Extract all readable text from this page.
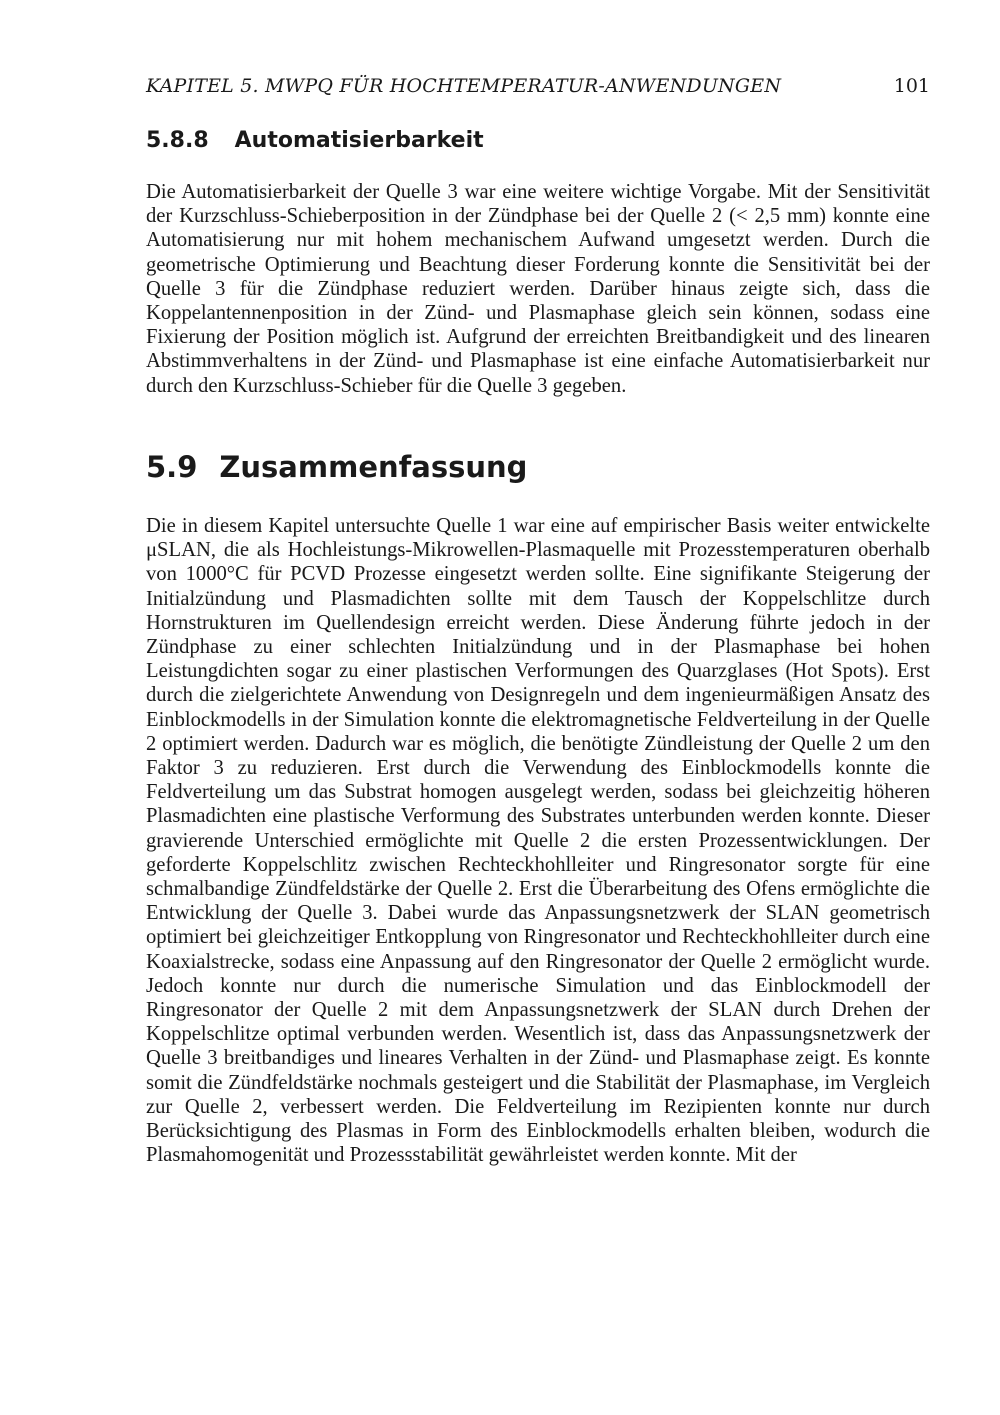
KAPITEL 5. MWPQ FÜR HOCHTEMPERATUR-ANWENDUNGEN	101
5.8.8 Automatisierbarkeit

Die Automatisierbarkeit der Quelle 3 war eine weitere wichtige Vorgabe. Mit der Sensitivität der Kurzschluss-Schieberposition in der Zündphase bei der Quelle 2 (< 2,5 mm) konnte eine Automatisierung nur mit hohem mechanischem Aufwand umgesetzt werden. Durch die geometrische Optimierung und Beachtung dieser Forderung konnte die Sensitivität bei der Quelle 3 für die Zündphase reduziert werden. Darüber hinaus zeigte sich, dass die Koppelantennenposition in der Zünd- und Plasmaphase gleich sein können, sodass eine Fixierung der Position möglich ist. Aufgrund der erreichten Breitbandigkeit und des linearen Abstimmverhaltens in der Zünd- und Plasmaphase ist eine einfache Automatisierbarkeit nur durch den Kurzschluss-Schieber für die Quelle 3 gegeben.

5.9 Zusammenfassung

Die in diesem Kapitel untersuchte Quelle 1 war eine auf empirischer Basis weiter entwickelte μSLAN, die als Hochleistungs-Mikrowellen-Plasmaquelle mit Prozesstemperaturen oberhalb von 1000°C für PCVD Prozesse eingesetzt werden sollte. Eine signifikante Steigerung der Initialzündung und Plasmadichten sollte mit dem Tausch der Koppelschlitze durch Hornstrukturen im Quellendesign erreicht werden. Diese Änderung führte jedoch in der Zündphase zu einer schlechten Initialzündung und in der Plasmaphase bei hohen Leistungdichten sogar zu einer plastischen Verformungen des Quarzglases (Hot Spots). Erst durch die zielgerichtete Anwendung von Designregeln und dem ingenieurmäßigen Ansatz des Einblockmodells in der Simulation konnte die elektromagnetische Feldverteilung in der Quelle 2 optimiert werden. Dadurch war es möglich, die benötigte Zündleistung der Quelle 2 um den Faktor 3 zu reduzieren. Erst durch die Verwendung des Einblockmodells konnte die Feldverteilung um das Substrat homogen ausgelegt werden, sodass bei gleichzeitig höheren Plasmadichten eine plastische Verformung des Substrates unterbunden werden konnte. Dieser gravierende Unterschied ermöglichte mit Quelle 2 die ersten Prozessentwicklungen. Der geforderte Koppelschlitz zwischen Rechteckhohlleiter und Ringresonator sorgte für eine schmalbandige Zündfeldstärke der Quelle 2. Erst die Überarbeitung des Ofens ermöglichte die Entwicklung der Quelle 3. Dabei wurde das Anpassungsnetzwerk der SLAN geometrisch optimiert bei gleichzeitiger Entkopplung von Ringresonator und Rechteckhohlleiter durch eine Koaxialstrecke, sodass eine Anpassung auf den Ringresonator der Quelle 2 ermöglicht wurde. Jedoch konnte nur durch die numerische Simulation und das Einblockmodell der Ringresonator der Quelle 2 mit dem Anpassungsnetzwerk der SLAN durch Drehen der Koppelschlitze optimal verbunden werden. Wesentlich ist, dass das Anpassungsnetzwerk der Quelle 3 breitbandiges und lineares Verhalten in der Zünd- und Plasmaphase zeigt. Es konnte somit die Zündfeldstärke nochmals gesteigert und die Stabilität der Plasmaphase, im Vergleich zur Quelle 2, verbessert werden. Die Feldverteilung im Rezipienten konnte nur durch Berücksichtigung des Plasmas in Form des Einblockmodells erhalten bleiben, wodurch die Plasmahomogenität und Prozessstabilität gewährleistet werden konnte. Mit der
